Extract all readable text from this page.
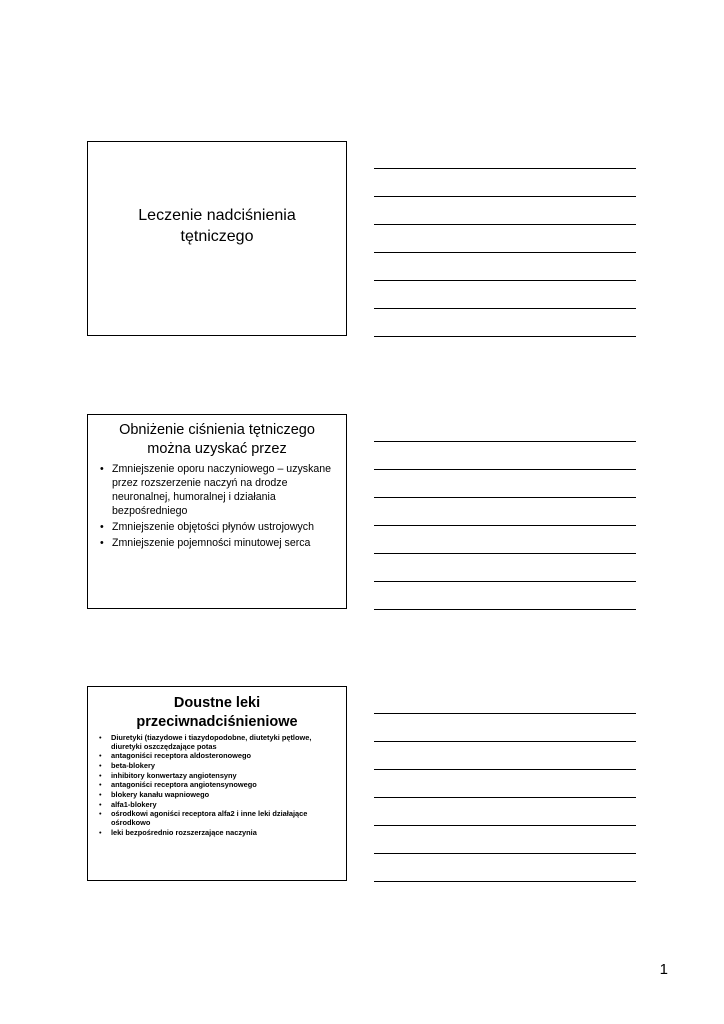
Leczenie nadciśnienia
tętniczego
Obniżenie ciśnienia tętniczego
można uzyskać przez
• Zmniejszenie oporu naczyniowego – uzyskane przez rozszerzenie naczyń na drodze neuronalnej, humoralnej i działania bezpośredniego
• Zmniejszenie objętości płynów ustrojowych
• Zmniejszenie pojemności minutowej serca
Doustne leki
przeciwnadciśnieniowe
• Diuretyki (tiazydowe i tiazydopodobne, diutetyki pętlowe, diuretyki oszczędzające potas
• antagoniści receptora aldosteronowego
• beta-blokery
• inhibitory konwertazy angiotensyny
• antagoniści receptora angiotensynowego
• blokery kanału wapniowego
• alfa1-blokery
• ośrodkowi agoniści receptora alfa2 i inne leki działające ośrodkowo
• leki bezpośrednio rozszerzające naczynia
1
